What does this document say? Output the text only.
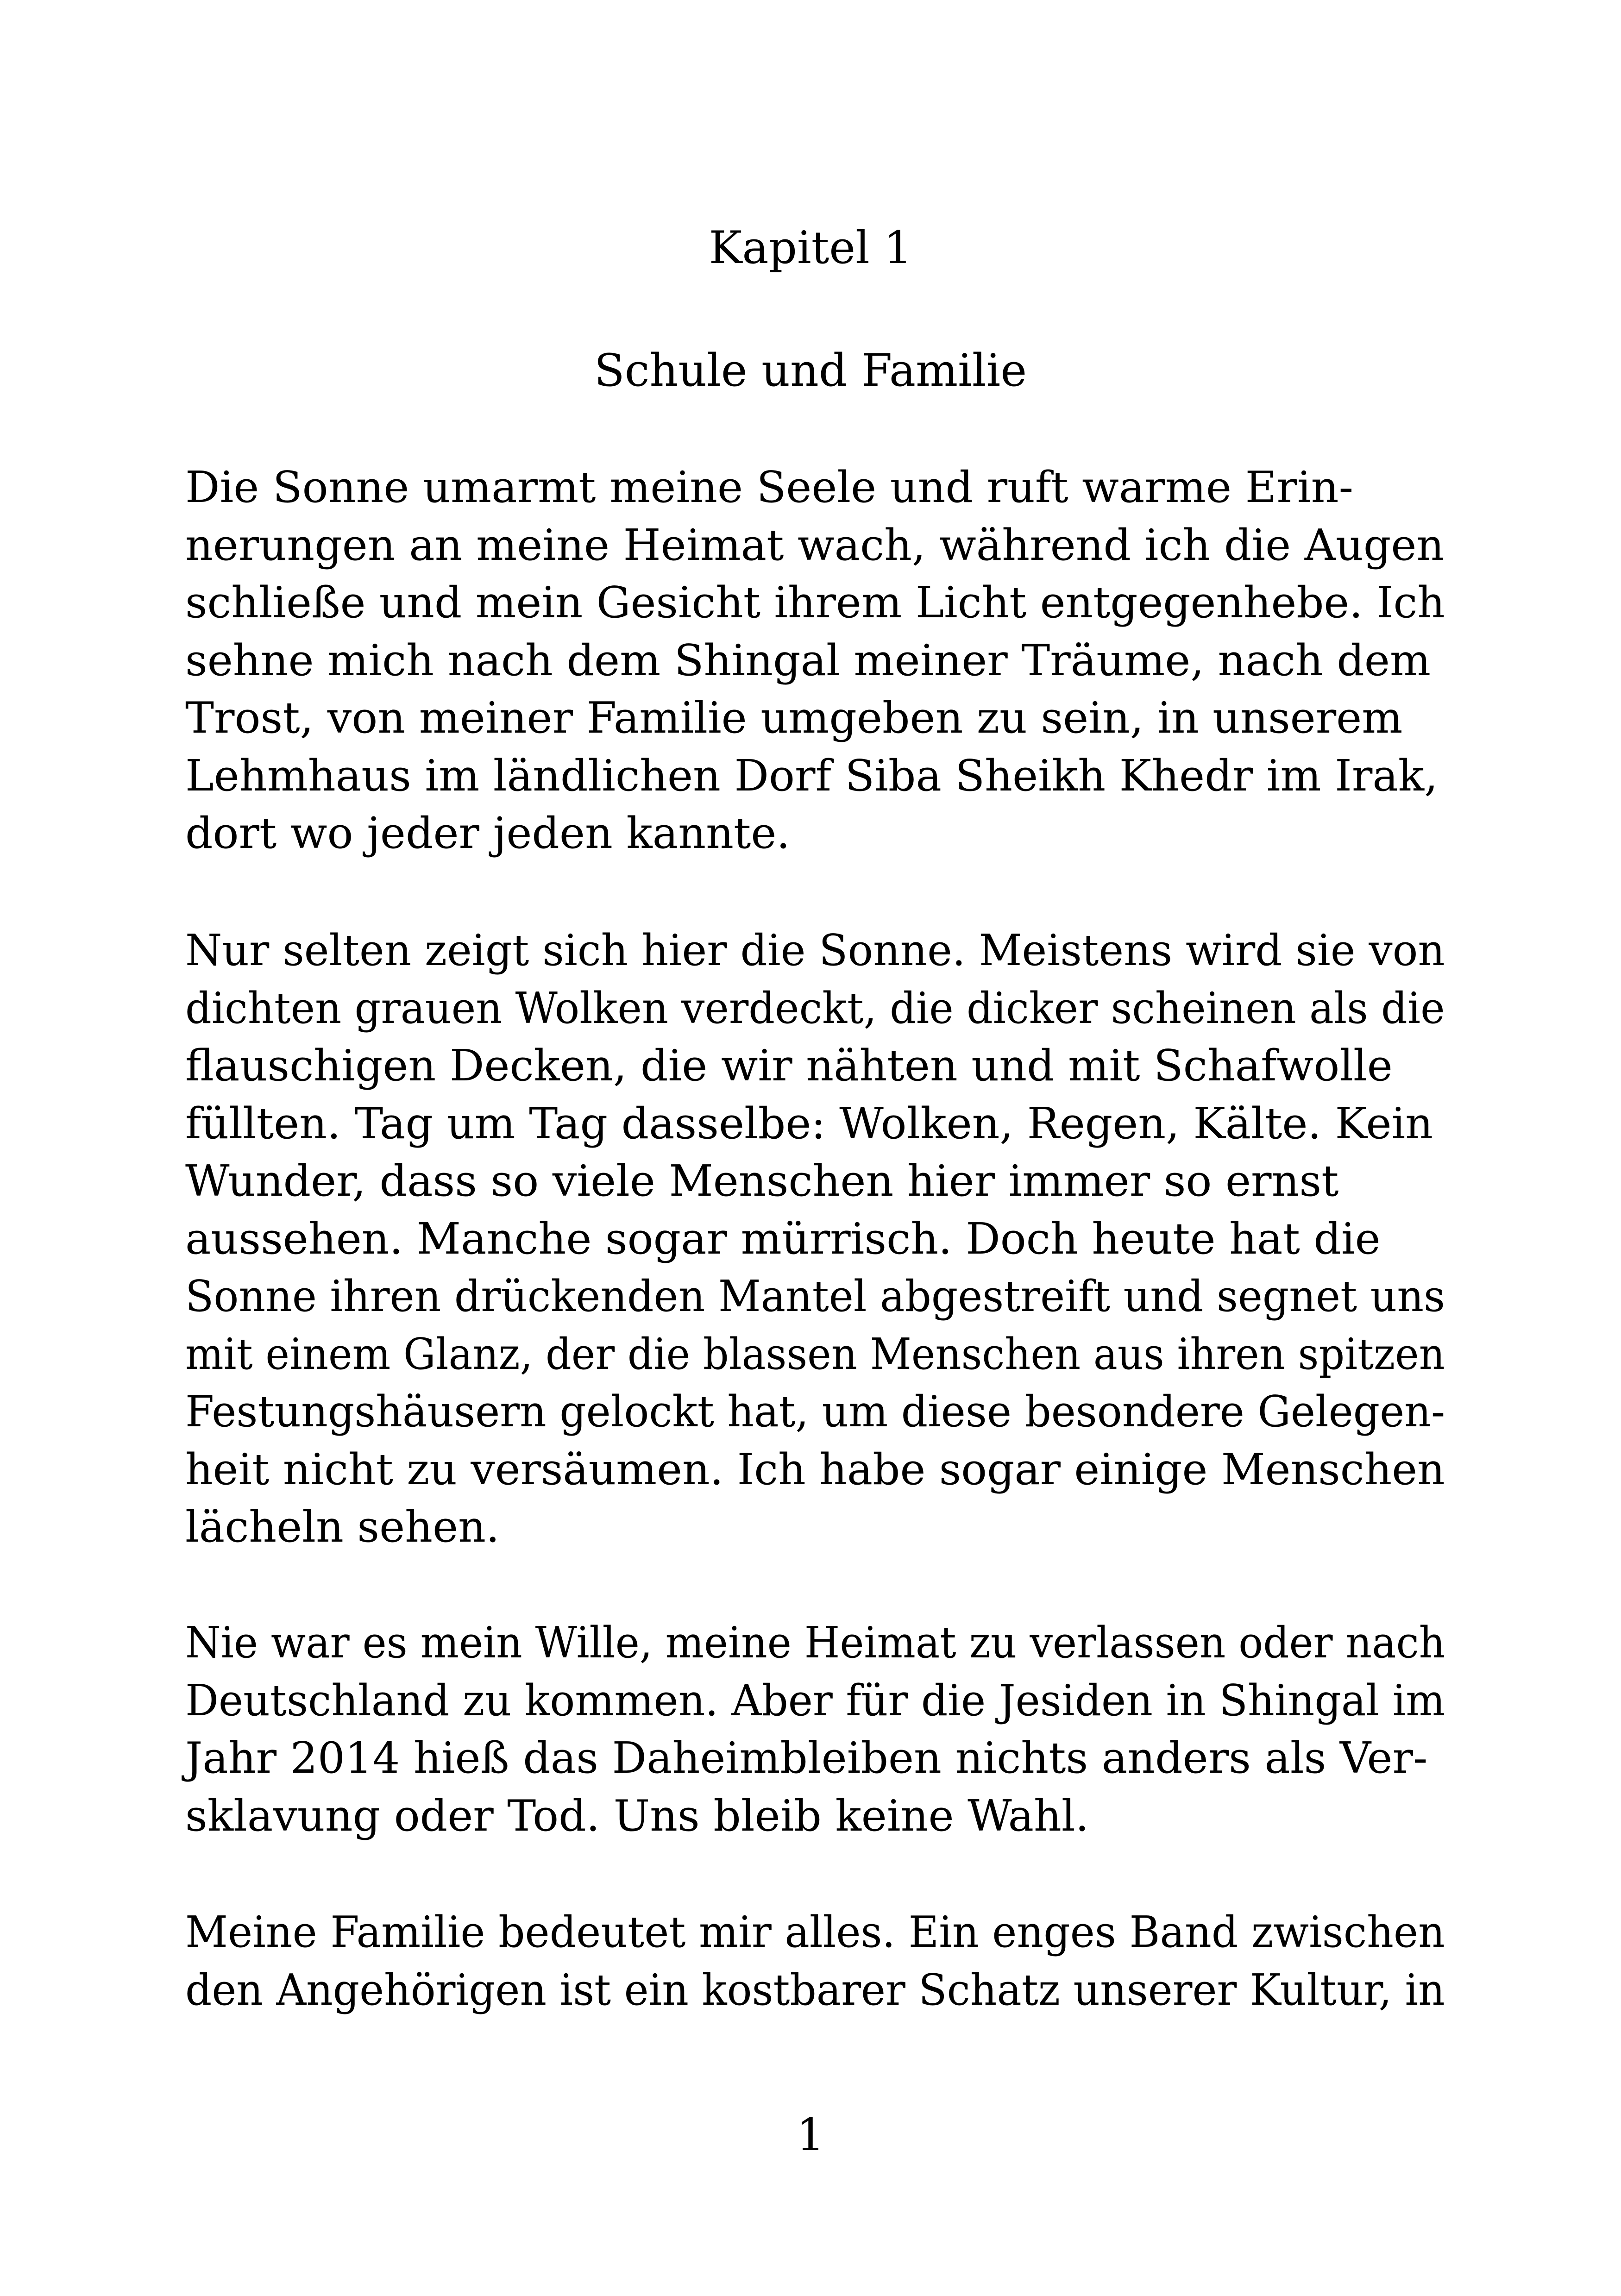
Kapitel 1
Schule und Familie

Die Sonne umarmt meine Seele und ruft warme Erin-
nerungen an meine Heimat wach, während ich die Augen
schließe und mein Gesicht ihrem Licht entgegenhebe. Ich
sehne mich nach dem Shingal meiner Träume, nach dem
Trost, von meiner Familie umgeben zu sein, in unserem
Lehmhaus im ländlichen Dorf Siba Sheikh Khedr im Irak,
dort wo jeder jeden kannte.

Nur selten zeigt sich hier die Sonne. Meistens wird sie von
dichten grauen Wolken verdeckt, die dicker scheinen als die
flauschigen Decken, die wir nähten und mit Schafwolle
füllten. Tag um Tag dasselbe: Wolken, Regen, Kälte. Kein
Wunder, dass so viele Menschen hier immer so ernst
aussehen. Manche sogar mürrisch. Doch heute hat die
Sonne ihren drückenden Mantel abgestreift und segnet uns
mit einem Glanz, der die blassen Menschen aus ihren spitzen
Festungshäusern gelockt hat, um diese besondere Gelegen-
heit nicht zu versäumen. Ich habe sogar einige Menschen
lächeln sehen.

Nie war es mein Wille, meine Heimat zu verlassen oder nach
Deutschland zu kommen. Aber für die Jesiden in Shingal im
Jahr 2014 hieß das Daheimbleiben nichts anders als Ver-
sklavung oder Tod. Uns bleib keine Wahl.

Meine Familie bedeutet mir alles. Ein enges Band zwischen
den Angehörigen ist ein kostbarer Schatz unserer Kultur, in

1
